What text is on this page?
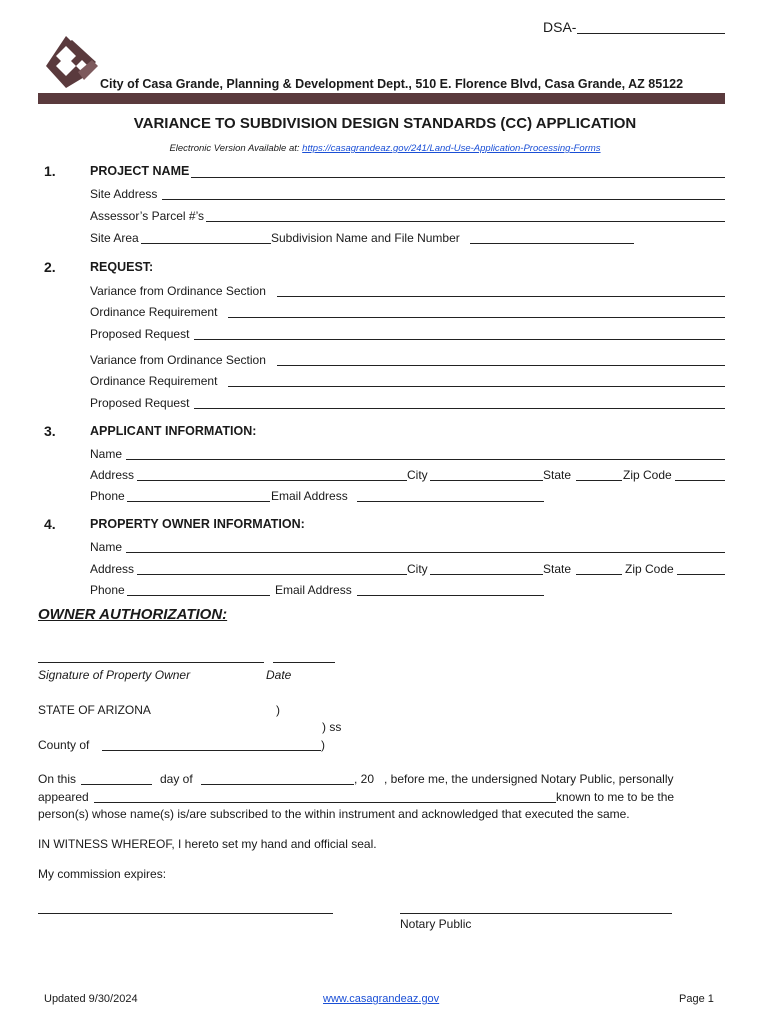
DSA-
City of Casa Grande, Planning & Development Dept., 510 E. Florence Blvd, Casa Grande, AZ 85122
VARIANCE TO SUBDIVISION DESIGN STANDARDS (CC) APPLICATION
Electronic Version Available at: https://casagrandeaz.gov/241/Land-Use-Application-Processing-Forms
1.	PROJECT NAME
Site Address
Assessor’s Parcel #’s
Site Area	Subdivision Name and File Number
2.	REQUEST:
Variance from Ordinance Section
Ordinance Requirement
Proposed Request
Variance from Ordinance Section
Ordinance Requirement
Proposed Request
3.	APPLICANT INFORMATION:
Name
Address	City	State	Zip Code
Phone	Email Address
4.	PROPERTY OWNER INFORMATION:
Name
Address	City	State	Zip Code
Phone	Email Address
OWNER AUTHORIZATION:
Signature of Property Owner	Date
STATE OF ARIZONA	)
) ss
County of	)
On this	day of	, 20 , before me, the undersigned Notary Public, personally
appeared	known to me to be the
person(s) whose name(s) is/are subscribed to the within instrument and acknowledged that executed the same.
IN WITNESS WHEREOF, I hereto set my hand and official seal.
My commission expires:
Notary Public
Updated 9/30/2024	www.casagrandeaz.gov	Page 1
